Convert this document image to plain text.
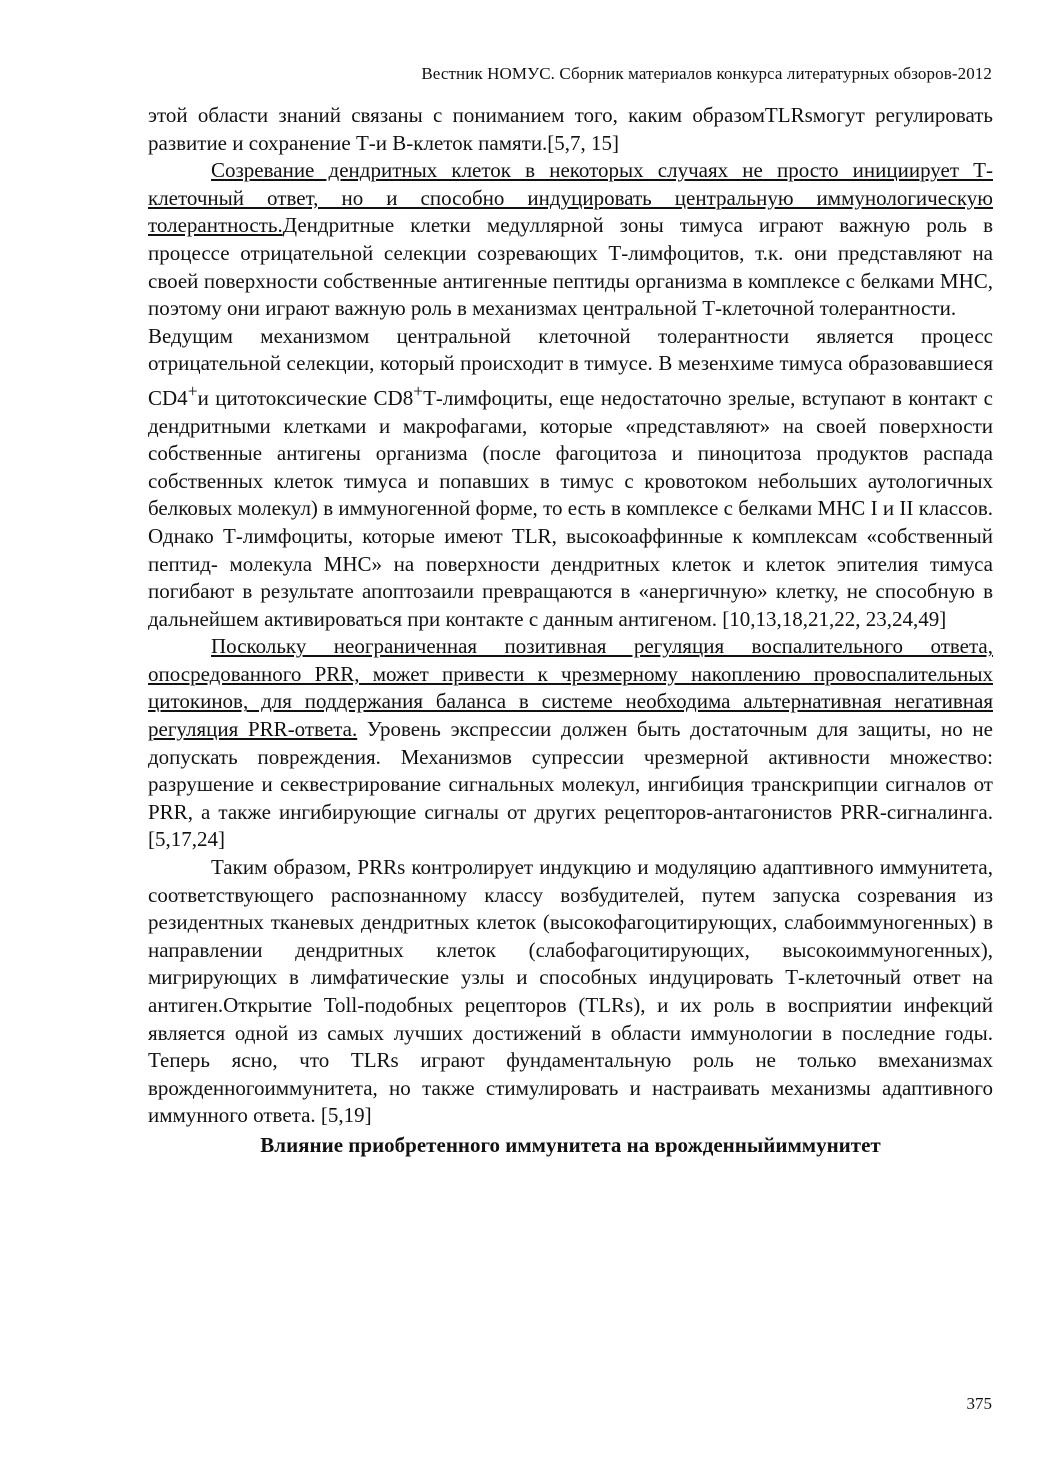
Вестник НОМУС. Сборник материалов конкурса литературных обзоров-2012

этой области знаний связаны с пониманием того, каким образомTLRsмогут регулировать развитие и сохранение Т-и В-клеток памяти.[5,7, 15]

Созревание дендритных клеток в некоторых случаях не просто инициирует Т-клеточный ответ, но и способно индуцировать центральную иммунологическую толерантность.Дендритные клетки медуллярной зоны тимуса играют важную роль в процессе отрицательной селекции созревающих Т-лимфоцитов, т.к. они представляют на своей поверхности собственные антигенные пептиды организма в комплексе с белками МНС, поэтому они играют важную роль в механизмах центральной Т-клеточной толерантности.

Ведущим механизмом центральной клеточной толерантности является процесс отрицательной селекции, который происходит в тимусе. В мезенхиме тимуса образовавшиеся CD4+и цитотоксические CD8+Т-лимфоциты, еще недостаточно зрелые, вступают в контакт с дендритными клетками и макрофагами, которые «представляют» на своей поверхности собственные антигены организма (после фагоцитоза и пиноцитоза продуктов распада собственных клеток тимуса и попавших в тимус с кровотоком небольших аутологичных белковых молекул) в иммуногенной форме, то есть в комплексе с белками МНС I и II классов. Однако Т-лимфоциты, которые имеют TLR, высокоаффинные к комплексам «собственный пептид- молекула МНС» на поверхности дендритных клеток и клеток эпителия тимуса погибают в результате апоптозаили превращаются в «анергичную» клетку, не способную в дальнейшем активироваться при контакте с данным антигеном. [10,13,18,21,22, 23,24,49]

Поскольку неограниченная позитивная регуляция воспалительного ответа, опосредованного PRR, может привести к чрезмерному накоплению провоспалительных цитокинов, для поддержания баланса в системе необходима альтернативная негативная регуляция PRR-ответа. Уровень экспрессии должен быть достаточным для защиты, но не допускать повреждения. Механизмов супрессии чрезмерной активности множество: разрушение и секвестрирование сигнальных молекул, ингибиция транскрипции сигналов от PRR, а также ингибирующие сигналы от других рецепторов-антагонистов PRR-сигналинга. [5,17,24]

Таким образом, PRRs контролирует индукцию и модуляцию адаптивного иммунитета, соответствующего распознанному классу возбудителей, путем запуска созревания из резидентных тканевых дендритных клеток (высокофагоцитирующих, слабоиммуногенных) в направлении дендритных клеток (слабофагоцитирующих, высокоиммуногенных), мигрирующих в лимфатические узлы и способных индуцировать Т-клеточный ответ на антиген.Открытие Toll-подобных рецепторов (TLRs), и их роль в восприятии инфекций является одной из самых лучших достижений в области иммунологии в последние годы. Теперь ясно, что TLRs играют фундаментальную роль не только вмеханизмах врожденногоиммунитета, но также стимулировать и настраивать механизмы адаптивного иммунного ответа. [5,19]

Влияние приобретенного иммунитета на врожденныйиммунитет
375
